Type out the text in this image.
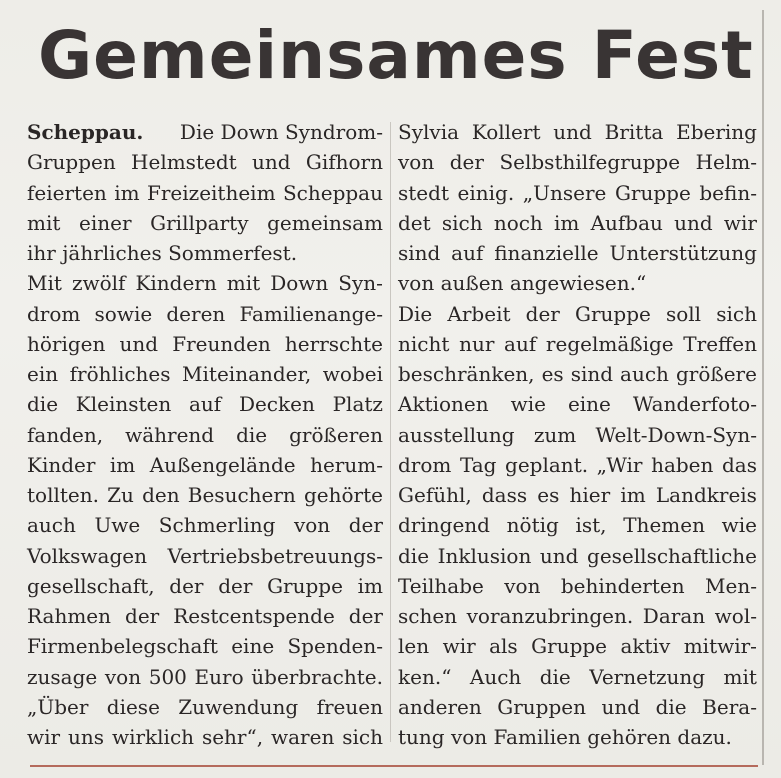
Gemeinsames Fest
Scheppau. Die Down Syndrom-
Gruppen Helmstedt und Gifhorn
feierten im Freizeitheim Scheppau
mit einer Grillparty gemeinsam
ihr jährliches Sommerfest.
Mit zwölf Kindern mit Down Syn-
drom sowie deren Familienange-
hörigen und Freunden herrschte
ein fröhliches Miteinander, wobei
die Kleinsten auf Decken Platz
fanden, während die größeren
Kinder im Außengelände herum-
tollten. Zu den Besuchern gehörte
auch Uwe Schmerling von der
Volkswagen Vertriebsbetreuungs-
gesellschaft, der der Gruppe im
Rahmen der Restcentspende der
Firmenbelegschaft eine Spenden-
zusage von 500 Euro überbrachte.
„Über diese Zuwendung freuen
wir uns wirklich sehr“, waren sich
Sylvia Kollert und Britta Ebering
von der Selbsthilfegruppe Helm-
stedt einig. „Unsere Gruppe befin-
det sich noch im Aufbau und wir
sind auf finanzielle Unterstützung
von außen angewiesen.“
Die Arbeit der Gruppe soll sich
nicht nur auf regelmäßige Treffen
beschränken, es sind auch größere
Aktionen wie eine Wanderfoto-
ausstellung zum Welt-Down-Syn-
drom Tag geplant. „Wir haben das
Gefühl, dass es hier im Landkreis
dringend nötig ist, Themen wie
die Inklusion und gesellschaftliche
Teilhabe von behinderten Men-
schen voranzubringen. Daran wol-
len wir als Gruppe aktiv mitwir-
ken.“ Auch die Vernetzung mit
anderen Gruppen und die Bera-
tung von Familien gehören dazu.
